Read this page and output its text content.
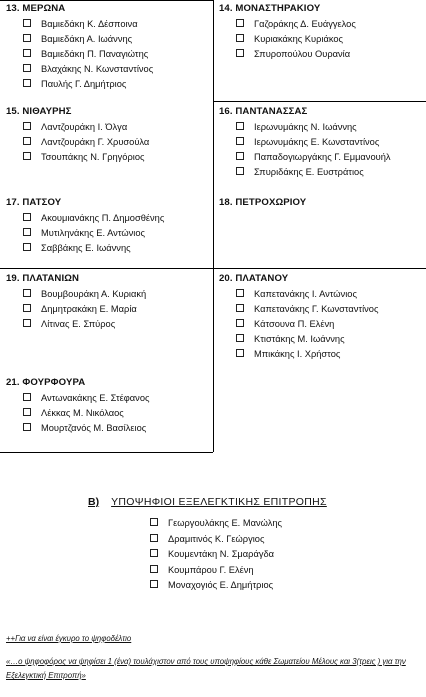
13. ΜΕΡΩΝΑ
Βαμιεδάκη Κ. Δέσποινα
Βαμιεδάκη Α. Ιωάννης
Βαμιεδάκη Π. Παναγιώτης
Βλαχάκης Ν. Κωνσταντίνος
Παυλής Γ. Δημήτριος
14. ΜΟΝΑΣΤΗΡΑΚΙΟΥ
Γαζοράκης Δ. Ευάγγελος
Κυριακάκης Κυριάκος
Σπυροπούλου Ουρανία
15. ΝΙΘΑΥΡΗΣ
Λαντζουράκη Ι. Όλγα
Λαντζουράκη Γ. Χρυσούλα
Τσουπάκης Ν. Γρηγόριος
16. ΠΑΝΤΑΝΑΣΣΑΣ
Ιερωνυμάκης Ν. Ιωάννης
Ιερωνυμάκης Ε. Κωνσταντίνος
Παπαδογιωργάκης Γ. Εμμανουήλ
Σπυριδάκης Ε. Ευστράτιος
17. ΠΑΤΣΟΥ
Ακουμιανάκης Π. Δημοσθένης
Μυτιληνάκης Ε. Αντώνιος
Σαββάκης Ε. Ιωάννης
18. ΠΕΤΡΟΧΩΡΙΟΥ
19. ΠΛΑΤΑΝΙΩΝ
Βουμβουράκη Α. Κυριακή
Δημητρακάκη Ε. Μαρία
Λίτινας Ε. Σπύρος
20. ΠΛΑΤΑΝΟΥ
Καπετανάκης Ι. Αντώνιος
Καπετανάκης Γ. Κωνσταντίνος
Κάτσουνα Π. Ελένη
Κτιστάκης Μ. Ιωάννης
Μπικάκης Ι. Χρήστος
21. ΦΟΥΡΦΟΥΡΑ
Αντωνακάκης Ε. Στέφανος
Λέκκας Μ. Νικόλαος
Μουρτζανός Μ. Βασίλειος
Β) ΥΠΟΨΗΦΙΟΙ ΕΞΕΛΕΓΚΤΙΚΗΣ ΕΠΙΤΡΟΠΗΣ
Γεωργουλάκης Ε. Μανώλης
Δραμιτινός Κ. Γεώργιος
Κουμεντάκη Ν. Σμαράγδα
Κουμπάρου Γ. Ελένη
Μοναχογιός Ε. Δημήτριος

++Για να είναι έγκυρο το ψηφοδέλτιο

«…ο ψηφοφόρος να ψηφίσει 1 (ένα) τουλάχιστον από τους υποψηφίους κάθε Σωματείου Μέλους και 3(τρεις ) για την Εξελεγκτική Επιτροπή»
